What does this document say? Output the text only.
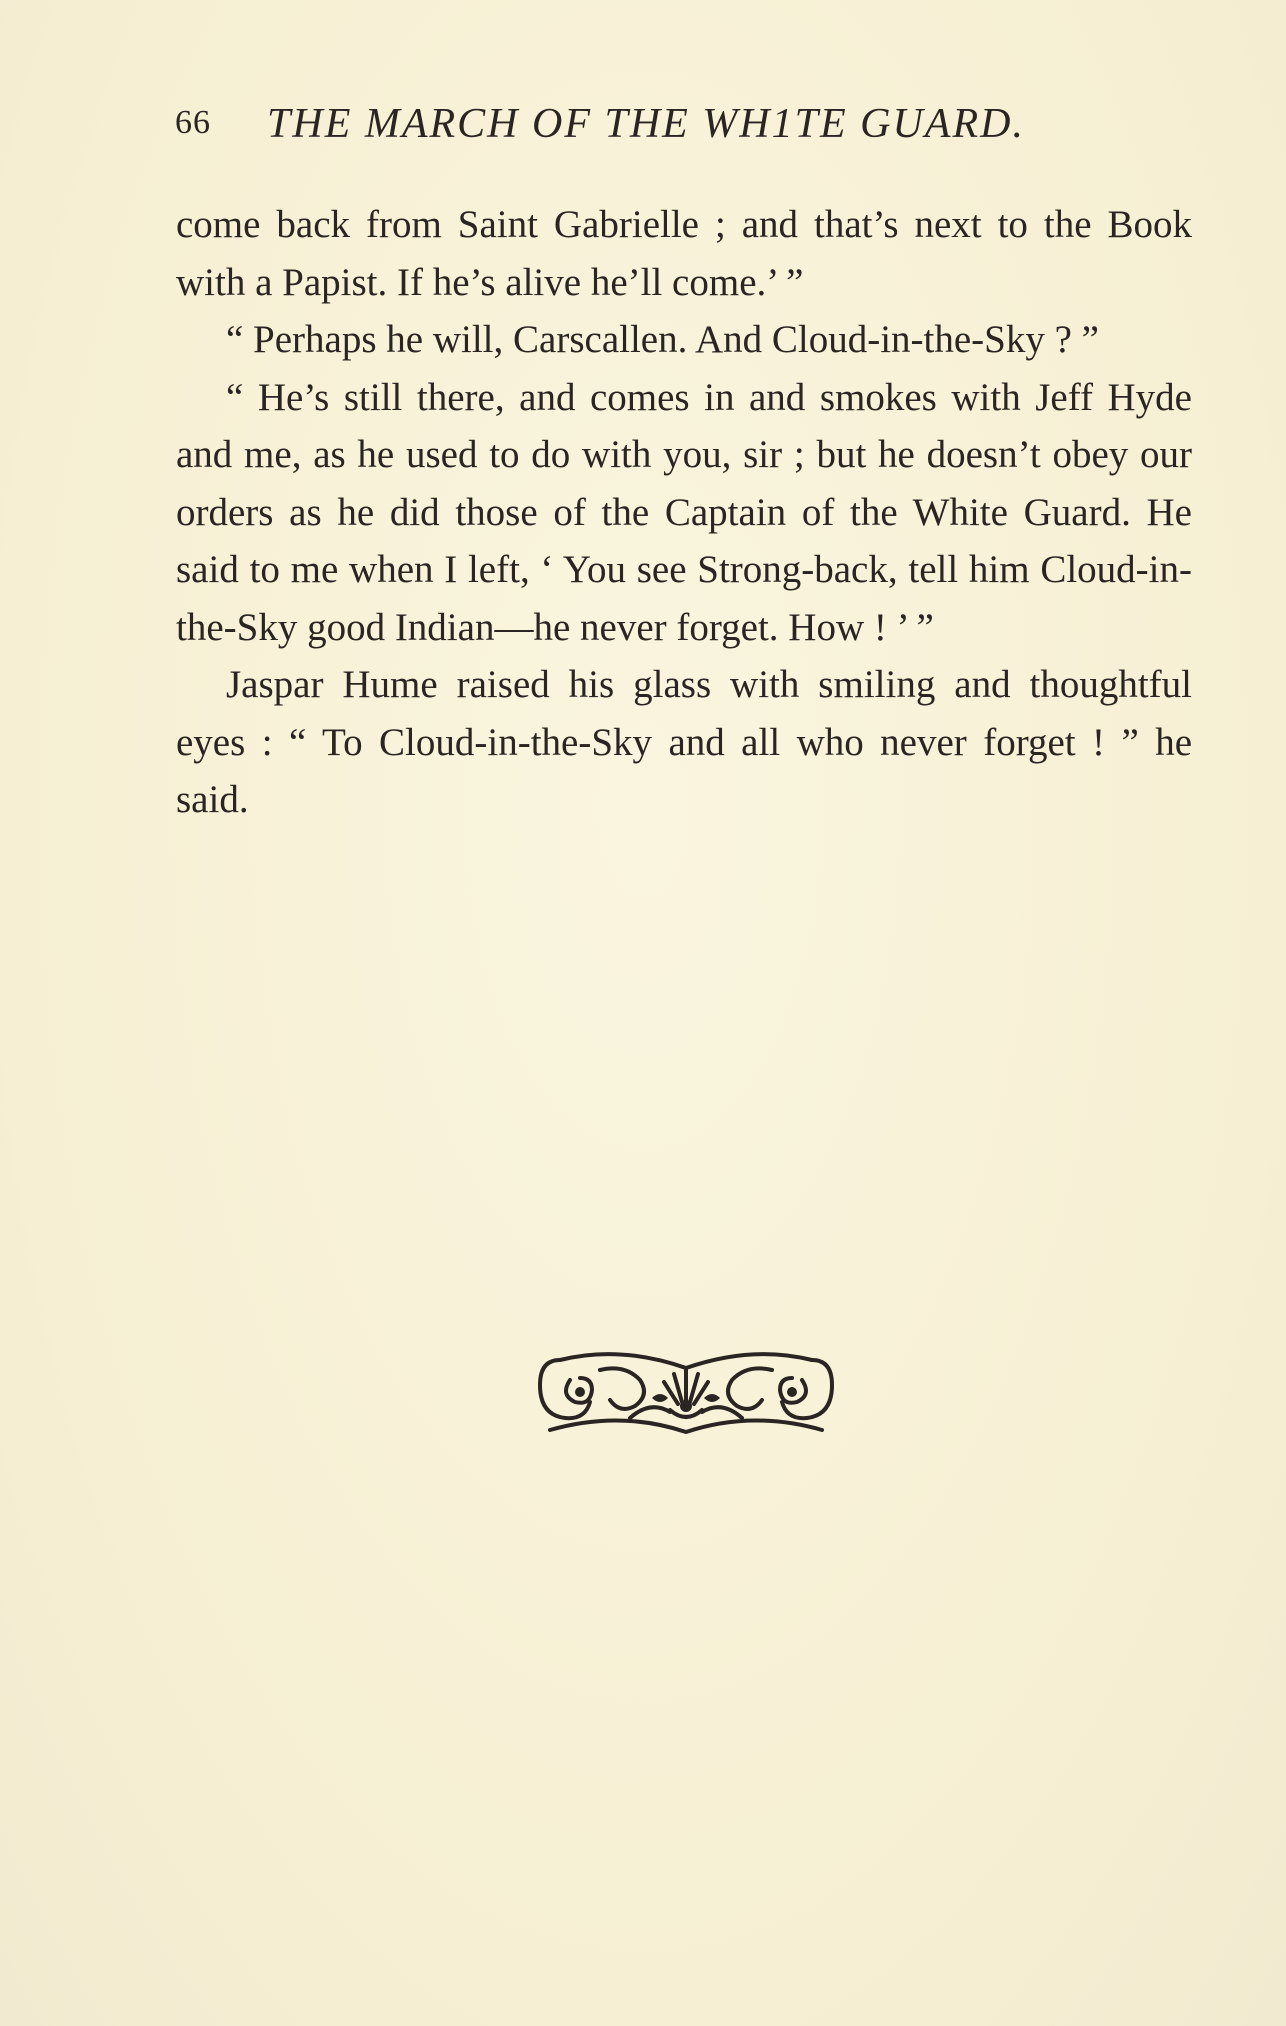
66 THE MARCH OF THE WH1TE GUARD.

come back from Saint Gabrielle ; and that’s next to the Book with a Papist. If he’s alive he’ll come.’ ”

“ Perhaps he will, Carscallen. And Cloud-in-the-Sky ? ”

“ He’s still there, and comes in and smokes with Jeff Hyde and me, as he used to do with you, sir ; but he doesn’t obey our orders as he did those of the Captain of the White Guard. He said to me when I left, ‘ You see Strong-back, tell him Cloud-in-the-Sky good Indian—he never forget. How ! ’ ”

Jaspar Hume raised his glass with smiling and thoughtful eyes : “ To Cloud-in-the-Sky and all who never forget ! ” he said.
